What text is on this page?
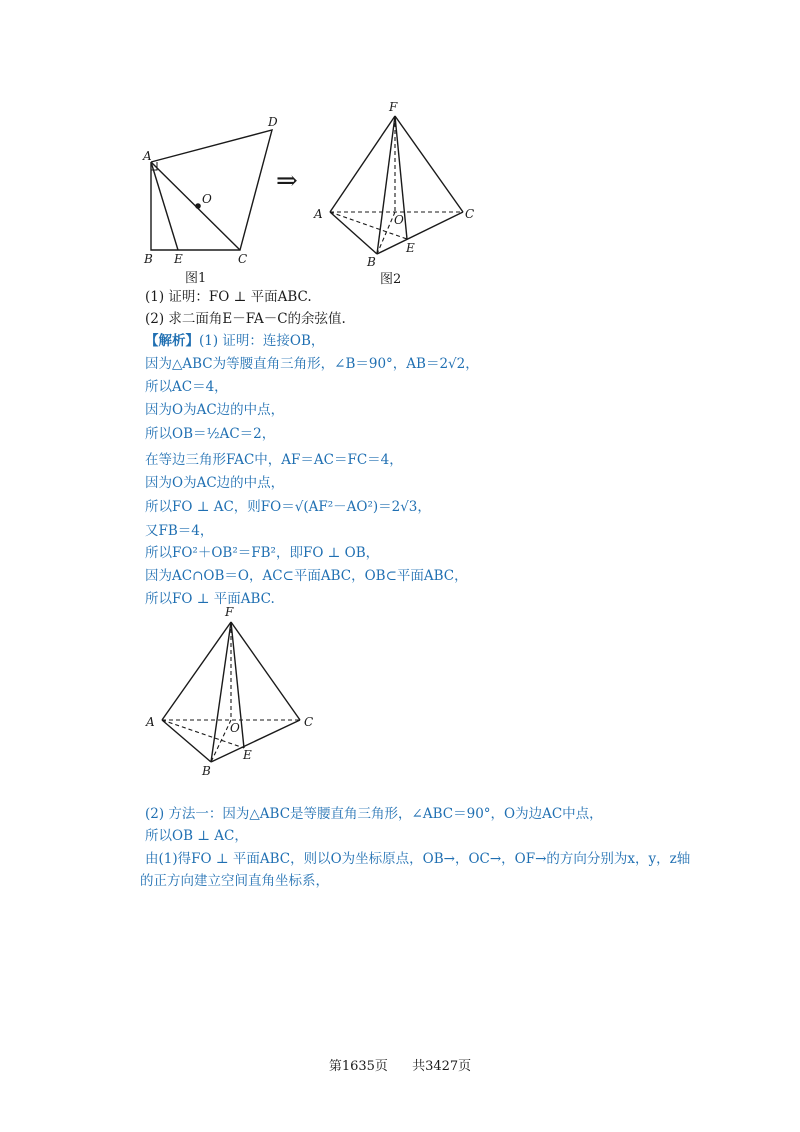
A
B	C
D
E
O
图1
⇒
F
A	C
O
E
B
图2
(1) 证明：FO ⊥ 平面ABC.
(2) 求二面角E－FA－C的余弦值.
【解析】(1) 证明：连接OB，
因为△ABC为等腰直角三角形，∠B＝90°，AB＝2√2，
所以AC＝4，
因为O为AC边的中点，
所以OB＝½AC＝2，
在等边三角形FAC中，AF＝AC＝FC＝4，
因为O为AC边的中点，
所以FO ⊥ AC，则FO＝√(AF²－AO²)＝2√3，
又FB＝4，
所以FO²＋OB²＝FB²，即FO ⊥ OB，
因为AC∩OB＝O，AC⊂平面ABC，OB⊂平面ABC，
所以FO ⊥ 平面ABC.
F
A	C
O
E
B
(2) 方法一：因为△ABC是等腰直角三角形，∠ABC＝90°，O为边AC中点，
所以OB ⊥ AC，
由(1)得FO ⊥ 平面ABC，则以O为坐标原点，OB→，OC→，OF→的方向分别为x，y，z轴
的正方向建立空间直角坐标系，
第1635页 共3427页
